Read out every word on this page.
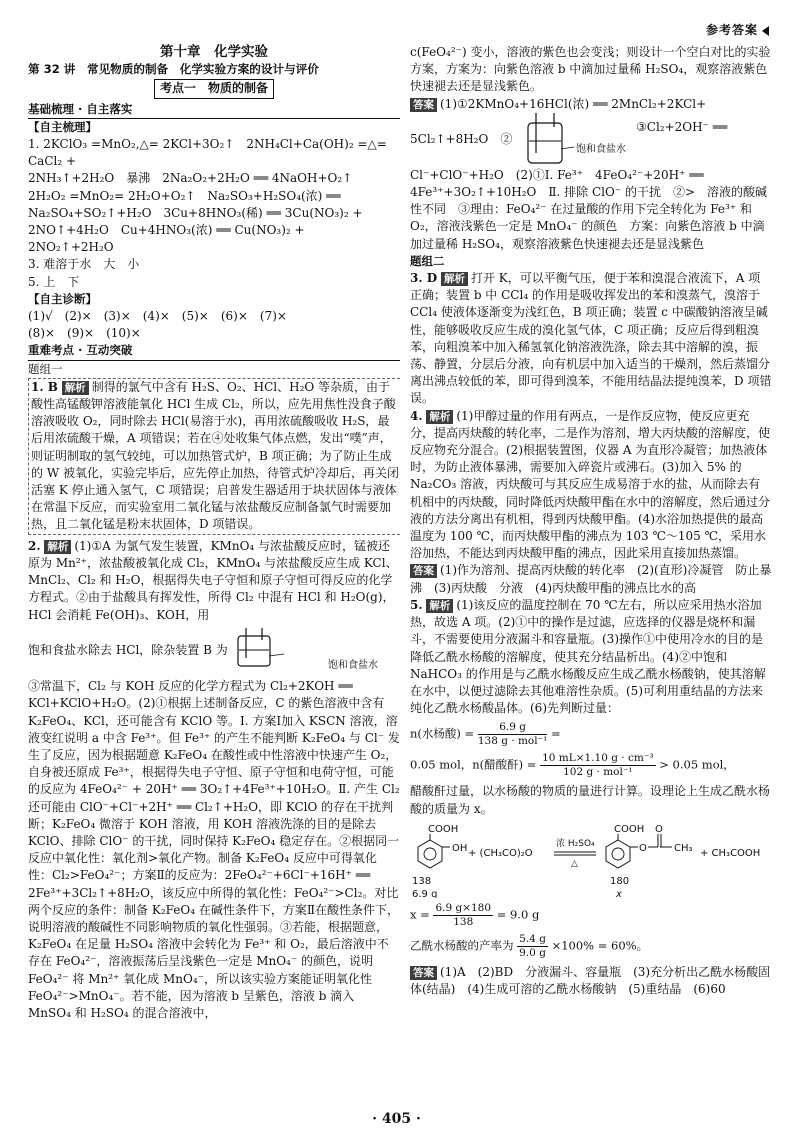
参考答案
第十章　化学实验
第 32 讲　常见物质的制备　化学实验方案的设计与评价
考点一　物质的制备
基础梳理 · 自主落实
【自主梳理】

1. 2KClO₃ =MnO₂,△= 2KCl+3O₂↑　2NH₄Cl+Ca(OH)₂ =△= CaCl₂ +

2NH₃↑+2H₂O　暴沸　2Na₂O₂+2H₂O ══ 4NaOH+O₂↑

2H₂O₂ =MnO₂= 2H₂O+O₂↑　Na₂SO₃+H₂SO₄(浓) ══

Na₂SO₄+SO₂↑+H₂O　3Cu+8HNO₃(稀) ══ 3Cu(NO₃)₂ +

2NO↑+4H₂O　Cu+4HNO₃(浓) ══ Cu(NO₃)₂ +

2NO₂↑+2H₂O

3. 难溶于水　大　小

5. 上　下

【自主诊断】

(1)√　(2)×　(3)×　(4)×　(5)×　(6)×　(7)×

(8)×　(9)×　(10)×

重难考点 · 互动突破
题组一

1. B 解析 制得的氯气中含有 H₂S、O₂、HCl、H₂O 等杂质，由于酸性高锰酸钾溶液能氧化 HCl 生成 Cl₂，所以，应先用焦性没食子酸溶液吸收 O₂，同时除去 HCl(易溶于水)，再用浓硫酸吸收 H₂S，最后用浓硫酸干燥，A 项错误；若在④处收集气体点燃，发出“噗”声，则证明制取的氢气较纯，可以加热管式炉，B 项正确；为了防止生成的 W 被氧化，实验完毕后，应先停止加热，待管式炉冷却后，再关闭活塞 K 停止通入氢气，C 项错误；启普发生器适用于块状固体与液体在常温下反应，而实验室用二氧化锰与浓盐酸反应制备氯气时需要加热，且二氧化锰是粉末状固体，D 项错误。

2. 解析 (1)①A 为氯气发生装置，KMnO₄ 与浓盐酸反应时，锰被还原为 Mn²⁺，浓盐酸被氧化成 Cl₂，KMnO₄ 与浓盐酸反应生成 KCl、MnCl₂、Cl₂ 和 H₂O，根据得失电子守恒和原子守恒可得反应的化学方程式。②由于盐酸具有挥发性，所得 Cl₂ 中混有 HCl 和 H₂O(g)，HCl 会消耗 Fe(OH)₃、KOH，用

饱和食盐水除去 HCl，除杂装置 B 为

饱和食盐水

③常温下，Cl₂ 与 KOH 反应的化学方程式为 Cl₂+2KOH ══ KCl+KClO+H₂O。(2)①根据上述制备反应，C 的紫色溶液中含有 K₂FeO₄、KCl，还可能含有 KClO 等。Ⅰ. 方案Ⅰ加入 KSCN 溶液，溶液变红说明 a 中含 Fe³⁺。但 Fe³⁺ 的产生不能判断 K₂FeO₄ 与 Cl⁻ 发生了反应，因为根据题意 K₂FeO₄ 在酸性或中性溶液中快速产生 O₂，自身被还原成 Fe³⁺，根据得失电子守恒、原子守恒和电荷守恒，可能的反应为 4FeO₄²⁻ + 20H⁺ ══ 3O₂↑+4Fe³⁺+10H₂O。Ⅱ. 产生 Cl₂ 还可能由 ClO⁻+Cl⁻+2H⁺ ══ Cl₂↑+H₂O，即 KClO 的存在干扰判断；K₂FeO₄ 微溶于 KOH 溶液，用 KOH 溶液洗涤的目的是除去 KClO、排除 ClO⁻ 的干扰，同时保持 K₂FeO₄ 稳定存在。②根据同一反应中氧化性：氧化剂>氧化产物。制备 K₂FeO₄ 反应中可得氧化性：Cl₂>FeO₄²⁻；方案Ⅱ的反应为：2FeO₄²⁻+6Cl⁻+16H⁺ ══ 2Fe³⁺+3Cl₂↑+8H₂O，该反应中所得的氧化性：FeO₄²⁻>Cl₂。对比两个反应的条件：制备 K₂FeO₄ 在碱性条件下，方案Ⅱ在酸性条件下，说明溶液的酸碱性不同影响物质的氧化性强弱。③若能，根据题意，K₂FeO₄ 在足量 H₂SO₄ 溶液中会转化为 Fe³⁺ 和 O₂，最后溶液中不存在 FeO₄²⁻，溶液振荡后呈浅紫色一定是 MnO₄⁻ 的颜色，说明 FeO₄²⁻ 将 Mn²⁺ 氧化成 MnO₄⁻，所以该实验方案能证明氧化性 FeO₄²⁻>MnO₄⁻。若不能，因为溶液 b 呈紫色，溶液 b 滴入 MnSO₄ 和 H₂SO₄ 的混合溶液中，

c(FeO₄²⁻) 变小，溶液的紫色也会变浅；则设计一个空白对比的实验方案，方案为：向紫色溶液 b 中滴加过量稀 H₂SO₄，观察溶液紫色快速褪去还是显浅紫色。

答案 (1)①2KMnO₄+16HCl(浓) ══ 2MnCl₂+2KCl+

5Cl₂↑+8H₂O　②
饱和食盐水
③Cl₂+2OH⁻ ══

Cl⁻+ClO⁻+H₂O　(2)①Ⅰ. Fe³⁺　4FeO₄²⁻+20H⁺ ══ 4Fe³⁺+3O₂↑+10H₂O　Ⅱ. 排除 ClO⁻ 的干扰　②>　溶液的酸碱性不同　③理由：FeO₄²⁻ 在过量酸的作用下完全转化为 Fe³⁺ 和 O₂，溶液浅紫色一定是 MnO₄⁻ 的颜色　方案：向紫色溶液 b 中滴加过量稀 H₂SO₄，观察溶液紫色快速褪去还是显浅紫色

题组二

3. D 解析 打开 K，可以平衡气压，便于苯和溴混合液流下，A 项正确；装置 b 中 CCl₄ 的作用是吸收挥发出的苯和溴蒸气，溴溶于 CCl₄ 使液体逐渐变为浅红色，B 项正确；装置 c 中碳酸钠溶液呈碱性，能够吸收反应生成的溴化氢气体，C 项正确；反应后得到粗溴苯，向粗溴苯中加入稀氢氧化钠溶液洗涤，除去其中溶解的溴，振荡、静置，分层后分液，向有机层中加入适当的干燥剂，然后蒸馏分离出沸点较低的苯，即可得到溴苯，不能用结晶法提纯溴苯，D 项错误。

4. 解析 (1)甲醇过量的作用有两点，一是作反应物，使反应更充分，提高丙炔酸的转化率，二是作为溶剂，增大丙炔酸的溶解度，使反应物充分混合。(2)根据装置图，仪器 A 为直形冷凝管；加热液体时，为防止液体暴沸，需要加入碎瓷片或沸石。(3)加入 5% 的 Na₂CO₃ 溶液，丙炔酸可与其反应生成易溶于水的盐，从而除去有机相中的丙炔酸，同时降低丙炔酸甲酯在水中的溶解度，然后通过分液的方法分离出有机相，得到丙炔酸甲酯。(4)水浴加热提供的最高温度为 100 ℃，而丙炔酸甲酯的沸点为 103 ℃～105 ℃，采用水浴加热，不能达到丙炔酸甲酯的沸点，因此采用直接加热蒸馏。

答案 (1)作为溶剂、提高丙炔酸的转化率　(2)(直形)冷凝管　防止暴沸　(3)丙炔酸　分液　(4)丙炔酸甲酯的沸点比水的高

5. 解析 (1)该反应的温度控制在 70 ℃左右，所以应采用热水浴加热，故选 A 项。(2)①中的操作是过滤，应选择的仪器是烧杯和漏斗，不需要使用分液漏斗和容量瓶。(3)操作①中使用冷水的目的是降低乙酰水杨酸的溶解度，使其充分结晶析出。(4)②中饱和 NaHCO₃ 的作用是与乙酰水杨酸反应生成乙酰水杨酸钠，使其溶解在水中，以便过滤除去其他难溶性杂质。(5)可利用重结晶的方法来纯化乙酰水杨酸晶体。(6)先判断过量：

n(水杨酸) =	6.9 g
138 g · mol⁻¹
=
0.05 mol，n(醋酸酐) = 10 mL×1.10 g · cm⁻³
102 g · mol⁻¹
> 0.05 mol，

醋酸酐过量，以水杨酸的物质的量进行计算。设理论上生成乙酰水杨酸的质量为 x。

COOH
OH + (CH₃CO)₂O
浓 H₂SO₄
△
COOH
O
O
CH₃ + CH₃COOH
138	180
6.9 g	x
$x = \frac{6.9 g\times 180}{138} = 9.0$ g
乙酰水杨酸的产率为 $\frac{5.4 g}{9.0 g} \times 100\% = 60\%$。

答案 (1)A　(2)BD　分液漏斗、容量瓶　(3)充分析出乙酰水杨酸固体(结晶)　(4)生成可溶的乙酰水杨酸钠　(5)重结晶　(6)60

· 405 ·
